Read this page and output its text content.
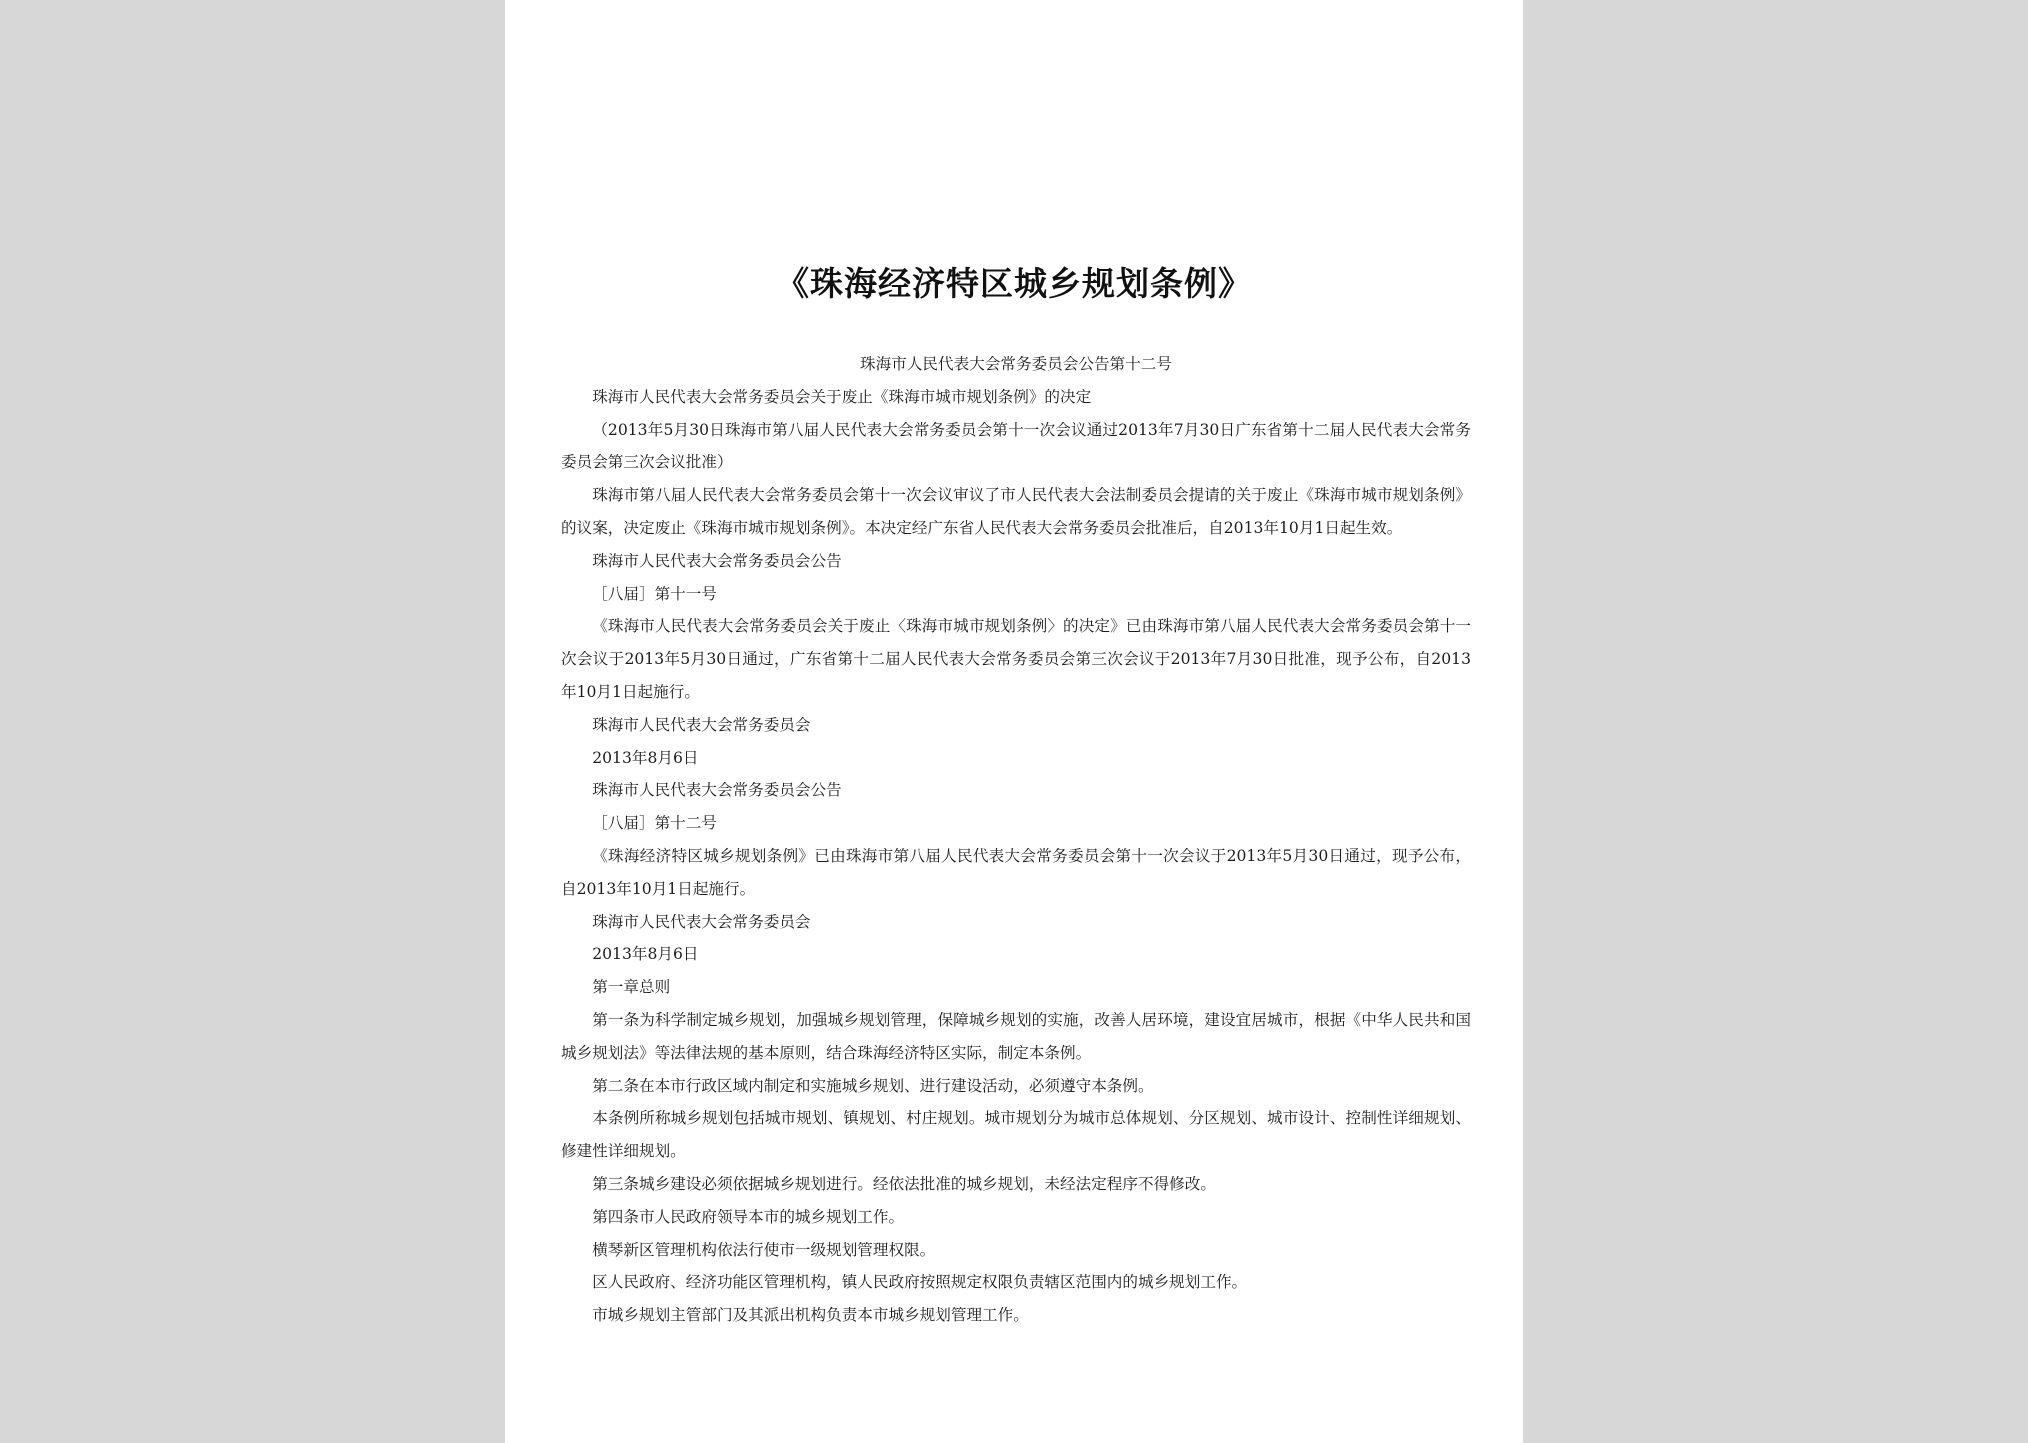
《珠海经济特区城乡规划条例》

珠海市人民代表大会常务委员会公告第十二号

珠海市人民代表大会常务委员会关于废止《珠海市城市规划条例》的决定

（2013年5月30日珠海市第八届人民代表大会常务委员会第十一次会议通过2013年7月30日广东省第十二届人民代表大会常务委员会第三次会议批准）

珠海市第八届人民代表大会常务委员会第十一次会议审议了市人民代表大会法制委员会提请的关于废止《珠海市城市规划条例》的议案，决定废止《珠海市城市规划条例》。本决定经广东省人民代表大会常务委员会批准后，自2013年10月1日起生效。

珠海市人民代表大会常务委员会公告

［八届］第十一号

《珠海市人民代表大会常务委员会关于废止〈珠海市城市规划条例〉的决定》已由珠海市第八届人民代表大会常务委员会第十一次会议于2013年5月30日通过，广东省第十二届人民代表大会常务委员会第三次会议于2013年7月30日批准，现予公布，自2013年10月1日起施行。

珠海市人民代表大会常务委员会

2013年8月6日

珠海市人民代表大会常务委员会公告

［八届］第十二号

《珠海经济特区城乡规划条例》已由珠海市第八届人民代表大会常务委员会第十一次会议于2013年5月30日通过，现予公布，自2013年10月1日起施行。

珠海市人民代表大会常务委员会

2013年8月6日

第一章总则

第一条为科学制定城乡规划，加强城乡规划管理，保障城乡规划的实施，改善人居环境，建设宜居城市，根据《中华人民共和国城乡规划法》等法律法规的基本原则，结合珠海经济特区实际，制定本条例。

第二条在本市行政区域内制定和实施城乡规划、进行建设活动，必须遵守本条例。

本条例所称城乡规划包括城市规划、镇规划、村庄规划。城市规划分为城市总体规划、分区规划、城市设计、控制性详细规划、修建性详细规划。

第三条城乡建设必须依据城乡规划进行。经依法批准的城乡规划，未经法定程序不得修改。

第四条市人民政府领导本市的城乡规划工作。

横琴新区管理机构依法行使市一级规划管理权限。

区人民政府、经济功能区管理机构，镇人民政府按照规定权限负责辖区范围内的城乡规划工作。

市城乡规划主管部门及其派出机构负责本市城乡规划管理工作。
